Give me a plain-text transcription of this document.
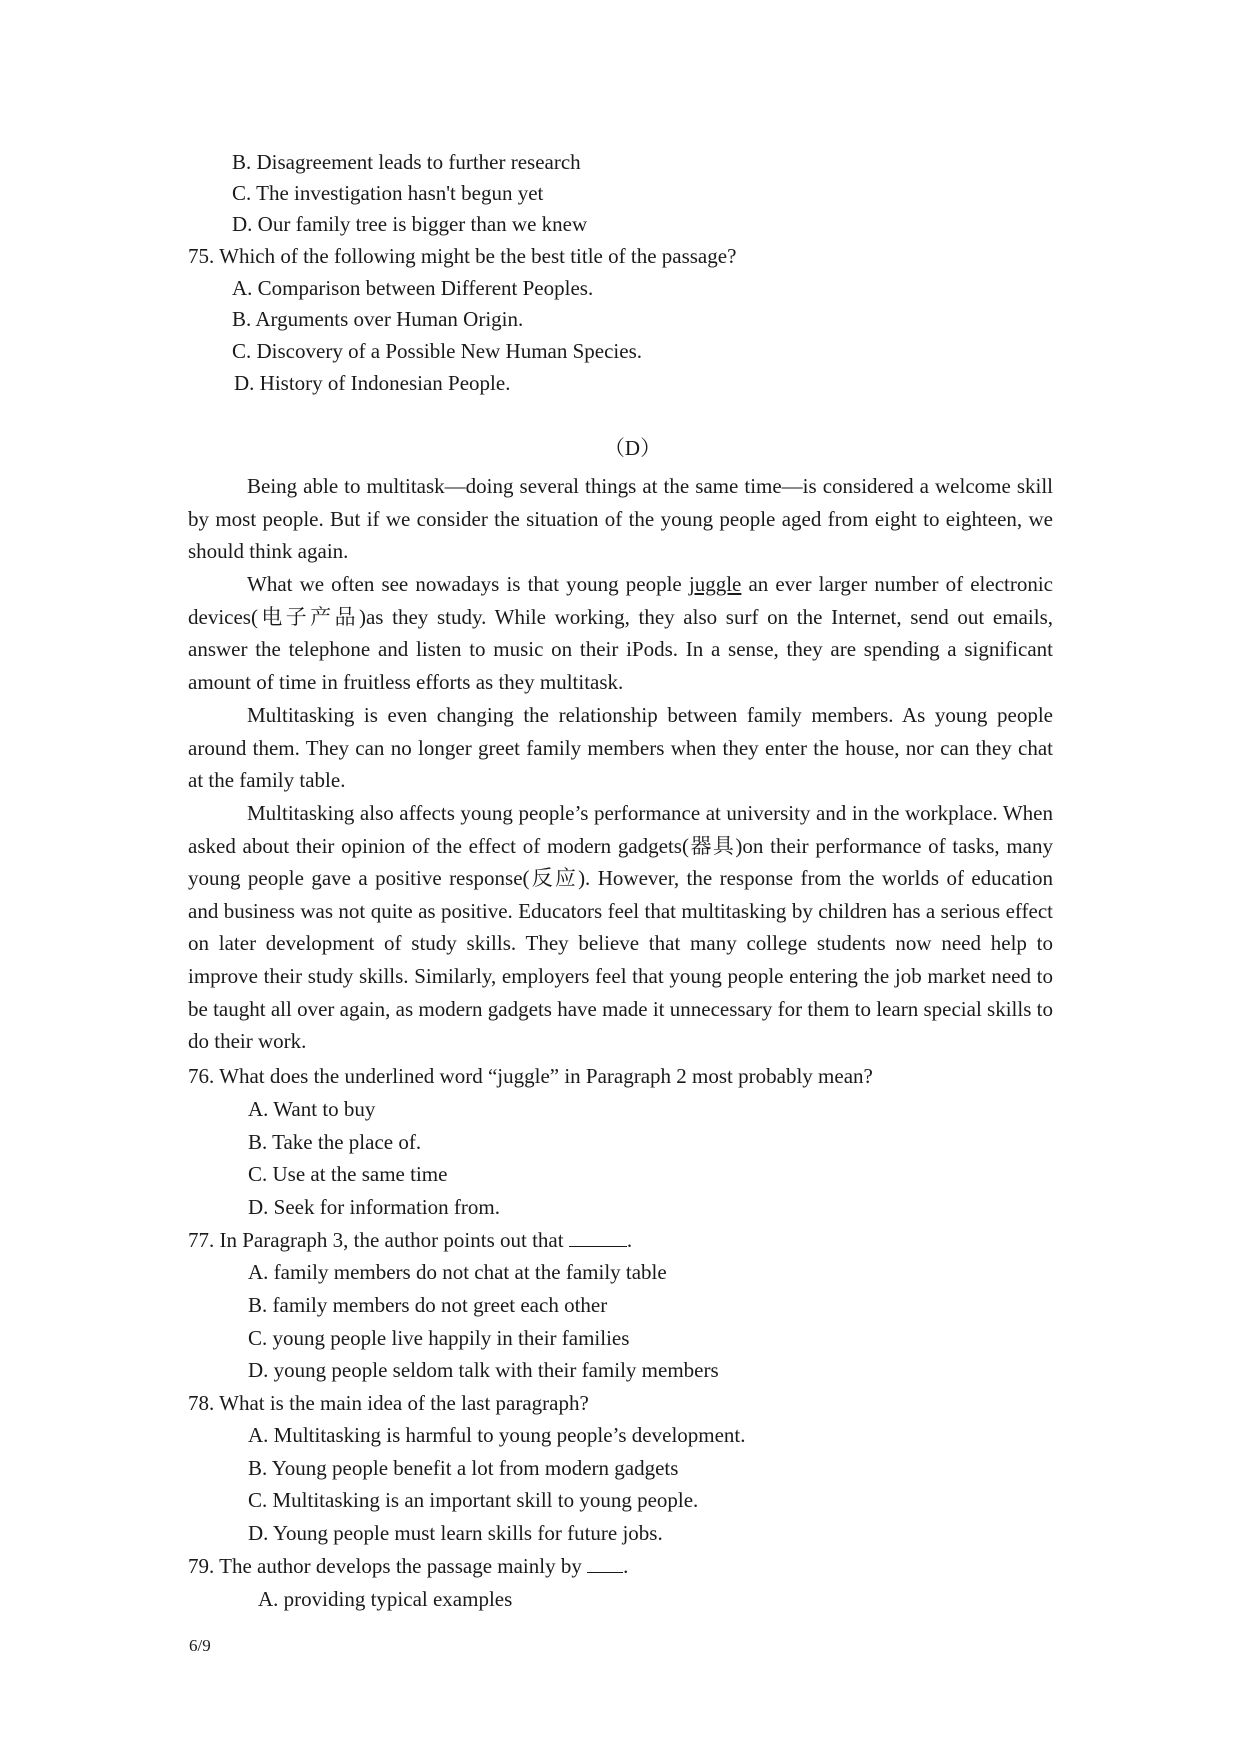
B. Disagreement leads to further research
C. The investigation hasn't begun yet
D. Our family tree is bigger than we knew
75. Which of the following might be the best title of the passage?
A. Comparison between Different Peoples.
B. Arguments over Human Origin.
C. Discovery of a Possible New Human Species.
D. History of Indonesian People.
（D）
Being able to multitask—doing several things at the same time—is considered a welcome skill by most people. But if we consider the situation of the young people aged from eight to eighteen, we should think again.
What we often see nowadays is that young people juggle an ever larger number of electronic devices(电子产品)as they study. While working, they also surf on the Internet, send out emails, answer the telephone and listen to music on their iPods. In a sense, they are spending a significant amount of time in fruitless efforts as they multitask.
Multitasking is even changing the relationship between family members. As young people around them. They can no longer greet family members when they enter the house, nor can they chat at the family table.
Multitasking also affects young people’s performance at university and in the workplace. When asked about their opinion of the effect of modern gadgets(器具)on their performance of tasks, many young people gave a positive response(反应). However, the response from the worlds of education and business was not quite as positive. Educators feel that multitasking by children has a serious effect on later development of study skills. They believe that many college students now need help to improve their study skills. Similarly, employers feel that young people entering the job market need to be taught all over again, as modern gadgets have made it unnecessary for them to learn special skills to do their work.
76. What does the underlined word “juggle” in Paragraph 2 most probably mean?
A. Want to buy
B. Take the place of.
C. Use at the same time
D. Seek for information from.
77. In Paragraph 3, the author points out that	.
A. family members do not chat at the family table
B. family members do not greet each other
C. young people live happily in their families
D. young people seldom talk with their family members
78. What is the main idea of the last paragraph?
A. Multitasking is harmful to young people’s development.
B. Young people benefit a lot from modern gadgets
C. Multitasking is an important skill to young people.
D. Young people must learn skills for future jobs.
79. The author develops the passage mainly by .
A. providing typical examples
6/9
